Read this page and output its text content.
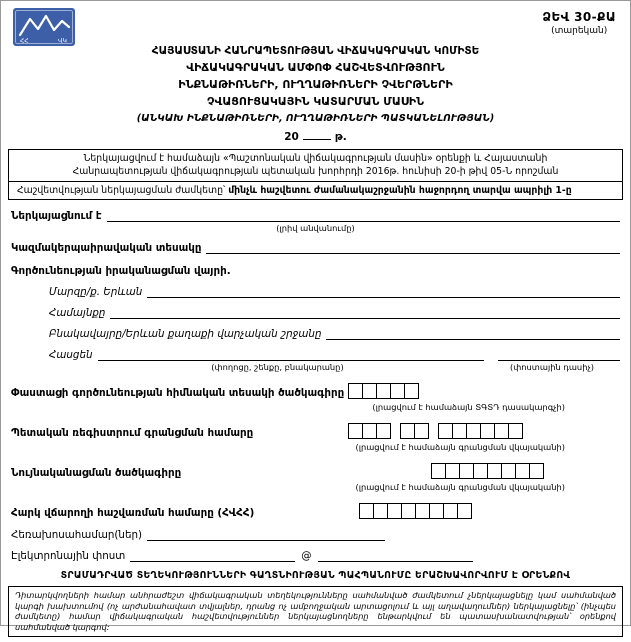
ՀՀ	ՎԿ
ՁԵՎ 30-ՔԱ
(տարեկան)
ՀԱՅԱՍՏԱՆԻ ՀԱՆՐԱՊԵՏՈՒԹՅԱՆ ՎԻՃԱԿԱԳՐԱԿԱՆ ԿՈՄԻՏԵ
ՎԻՃԱԿԱԳՐԱԿԱՆ ԱՄՓՈՓ ՀԱՇՎԵՏՎՈՒԹՅՈՒՆ
ԻՆՔՆԱԹԻՌՆԵՐԻ, ՈՒՂՂԱԹԻՌՆԵՐԻ ՉՎԵՐԹՆԵՐԻ
ՉՎԱՑՈՒՑԱԿԱՅԻՆ ԿԱՏԱՐՄԱՆ ՄԱՍԻՆ
(ԱՆԿԱԽ ԻՆՔՆԱԹԻՌՆԵՐԻ, ՈՒՂՂԱԹԻՌՆԵՐԻ ՊԱՏԿԱՆԵԼՈՒԹՅԱՆ)
20	թ.
Ներկայացվում է համաձայն «Պաշտոնական վիճակագրության մասին» օրենքի և Հայաստանի Հանրապետության վիճակագրության պետական խորհրդի 2016թ. հունիսի 20-ի թիվ 05-Ն որոշման
Հաշվետվության ներկայացման ժամկետը՝ մինչև հաշվետու ժամանակաշրջանին հաջորդող տարվա ապրիլի 1-ը
Ներկայացնում է
(լրիվ անվանումը)
Կազմակերպաիրավական տեսակը
Գործունեության իրականացման վայրի.
Մարզը/ք. Երևան
Համայնքը
Բնակավայրը/Երևան քաղաքի վարչական շրջանը
Հասցեն
(փողոցը, շենքը, բնակարանը)	(փոստային դասիչ)
Փաստացի գործունեության հիմնական տեսակի ծածկագիրը
(լրացվում է համաձայն ՏԳՏԴ դասակարգչի)
Պետական ռեգիստրում գրանցման համարը
(լրացվում է համաձայն գրանցման վկայականի)
Նույնականացման ծածկագիրը
(լրացվում է համաձայն գրանցման վկայականի)
Հարկ վճարողի հաշվառման համարը (ՀՎՀՀ)
Հեռախոսահամար(ներ)
Էլեկտրոնային փոստ	@
ՏՐԱՄԱԴՐՎԱԾ ՏԵՂԵԿՈՒԹՅՈՒՆՆԵՐԻ ԳԱՂՏՆԻՈՒԹՅԱՆ ՊԱՀՊԱՆՈՒՄԸ ԵՐԱՇԽԱՎՈՐՎՈՒՄ Է ՕՐԵՆՔՈՎ
Դիտարկվողների համար անհրաժեշտ վիճակագրական տեղեկությունները սահմանված ժամկետում չներկայացնելը կամ սահմանված կարգի խախտումով (ոչ արժանահավատ տվյալներ, դրանց ոչ ամբողջական արտացոլում և այլ աղավաղումներ) ներկայացնելը՝ (ինչպես ժամկետը) համար վիճակագրական հաշվետվություններ ներկայացնողները ենթարկվում են պատասխանատվության՝ օրենքով սահմանված կարգով:
